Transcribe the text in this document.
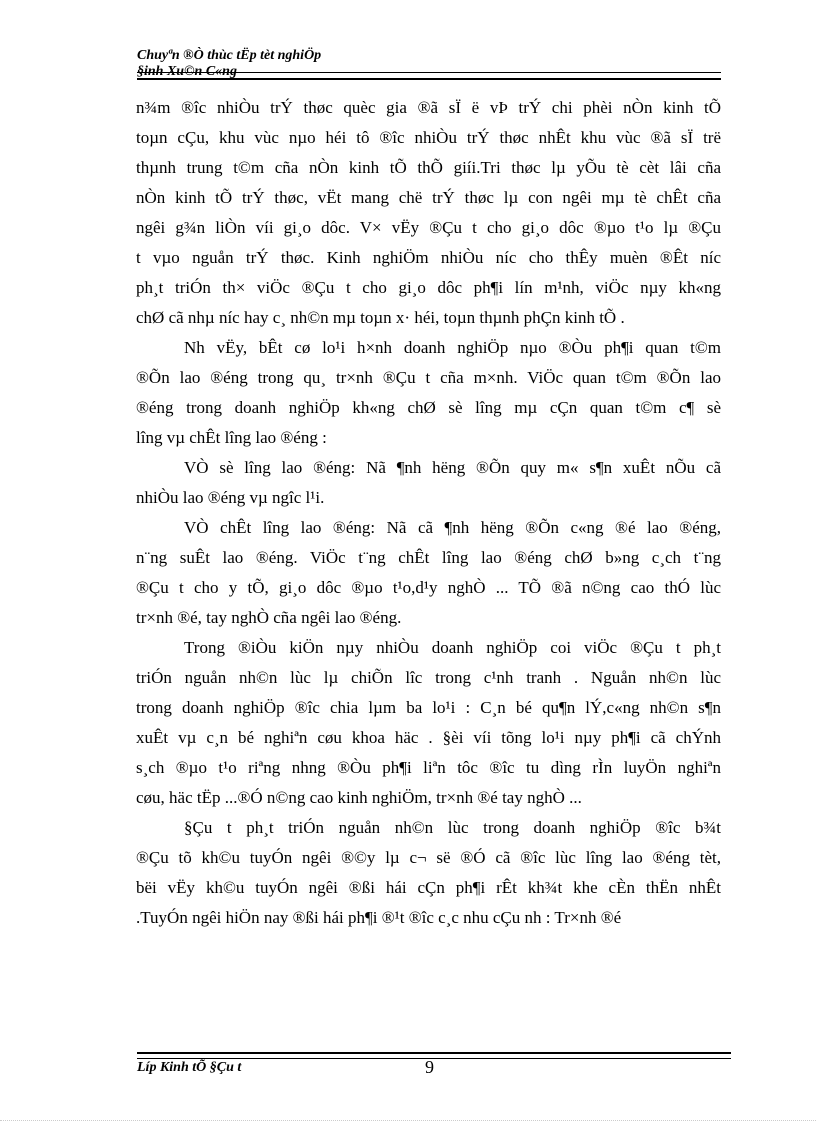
Chuyªn ®Ò thùc tËp tèt nghiÖp
§inh Xu©n C«ng
n¾m ®îc nhiÒu trÝ thøc quèc gia ®ã sÏ ë vÞ trÝ chi phèi nÒn kinh tÕ
toµn cÇu, khu vùc nµo héi tô ®îc nhiÒu trÝ thøc nhÊt khu vùc ®ã sÏ trë
thµnh trung t©m cña nÒn kinh tÕ thÕ giíi.Tri thøc lµ yÕu tè cèt lâi cña
nÒn kinh tÕ trÝ thøc, vËt mang chë trÝ thøc lµ con ngêi mµ tè chÊt cña
ngêi g¾n liÒn víi gi¸o dôc. V× vËy ®Çu t cho gi¸o dôc ®µo t¹o lµ ®Çu
t vµo nguån trÝ thøc. Kinh nghiÖm nhiÒu níc cho thÊy muèn ®Êt níc
ph¸t triÓn th× viÖc ®Çu t cho gi¸o dôc ph¶i lín m¹nh, viÖc nµy kh«ng
chØ cã nhµ níc hay c¸ nh©n mµ toµn x· héi, toµn thµnh phÇn kinh tÕ .
Nh vËy, bÊt cø lo¹i h×nh doanh nghiÖp nµo ®Òu ph¶i quan t©m
®Õn lao ®éng trong qu¸ tr×nh ®Çu t cña m×nh. ViÖc quan t©m ®Õn lao
®éng trong doanh nghiÖp kh«ng chØ sè lîng mµ cÇn quan t©m c¶ sè
lîng vµ chÊt lîng lao ®éng :
VÒ sè lîng lao ®éng: Nã ¶nh hëng ®Õn quy m« s¶n xuÊt nÕu cã
nhiÒu lao ®éng vµ ngîc l¹i.
VÒ chÊt lîng lao ®éng: Nã cã ¶nh hëng ®Õn c«ng ®é lao ®éng,
n¨ng suÊt lao ®éng. ViÖc t¨ng chÊt lîng lao ®éng chØ b»ng c¸ch t¨ng
®Çu t cho y tÕ, gi¸o dôc ®µo t¹o,d¹y nghÒ ... TÕ ®ã n©ng cao thÓ lùc
tr×nh ®é, tay nghÒ cña ngêi lao ®éng.
Trong ®iÒu kiÖn nµy nhiÒu doanh nghiÖp coi viÖc ®Çu t ph¸t
triÓn nguån nh©n lùc lµ chiÕn lîc trong c¹nh tranh . Nguån nh©n lùc
trong doanh nghiÖp ®îc chia lµm ba lo¹i : C¸n bé qu¶n lÝ,c«ng nh©n s¶n
xuÊt vµ c¸n bé nghiªn cøu khoa häc . §èi víi tõng lo¹i nµy ph¶i cã chÝnh
s¸ch ®µo t¹o riªng nhng ®Òu ph¶i liªn tôc ®îc tu dìng rÌn luyÖn nghiªn
cøu, häc tËp ...®Ó n©ng cao kinh nghiÖm, tr×nh ®é tay nghÒ ...
§Çu t ph¸t triÓn nguån nh©n lùc trong doanh nghiÖp ®îc b¾t
®Çu tõ kh©u tuyÓn ngêi ®©y lµ c¬ së ®Ó cã ®îc lùc lîng lao ®éng tèt,
bëi vËy kh©u tuyÓn ngêi ®ßi hái cÇn ph¶i rÊt kh¾t khe cÈn thËn nhÊt
.TuyÓn ngêi hiÖn nay ®ßi hái ph¶i ®¹t ®îc c¸c nhu cÇu nh : Tr×nh ®é
Líp Kinh tÕ §Çu t	9
